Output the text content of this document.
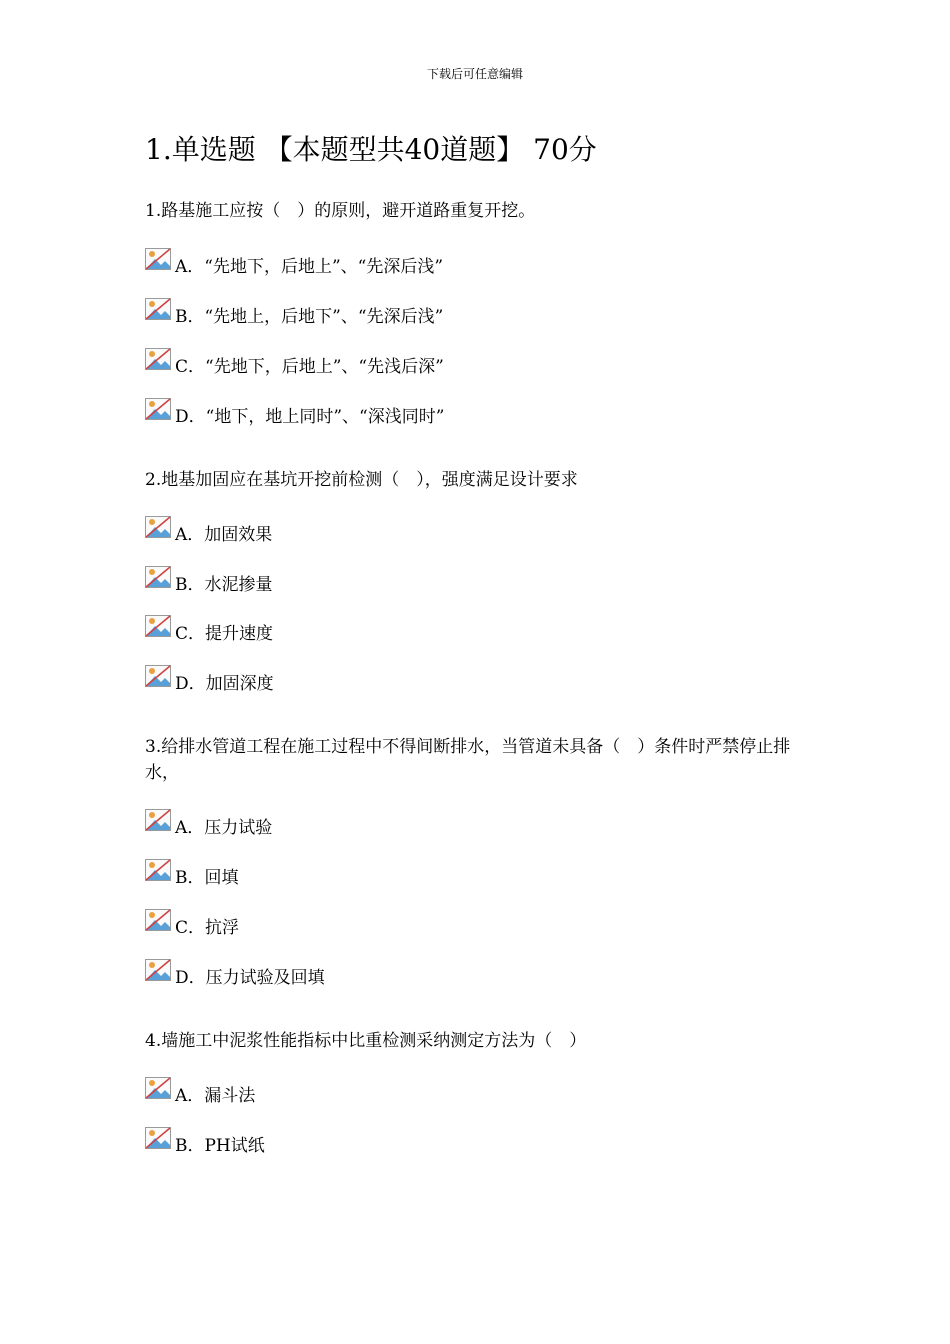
下载后可任意编辑
1.单选题 【本题型共40道题】 70分
1.路基施工应按（　）的原则，避开道路重复开挖。
A．“先地下，后地上”、“先深后浅”
B．“先地上，后地下”、“先深后浅”
C．“先地下，后地上”、“先浅后深”
D．“地下，地上同时”、“深浅同时”
2.地基加固应在基坑开挖前检测（　），强度满足设计要求
A．加固效果
B．水泥掺量
C．提升速度
D．加固深度
3.给排水管道工程在施工过程中不得间断排水，当管道未具备（　）条件时严禁停止排水，
A．压力试验
B．回填
C．抗浮
D．压力试验及回填
4.墙施工中泥浆性能指标中比重检测采纳测定方法为（　）
A．漏斗法
B．PH试纸
